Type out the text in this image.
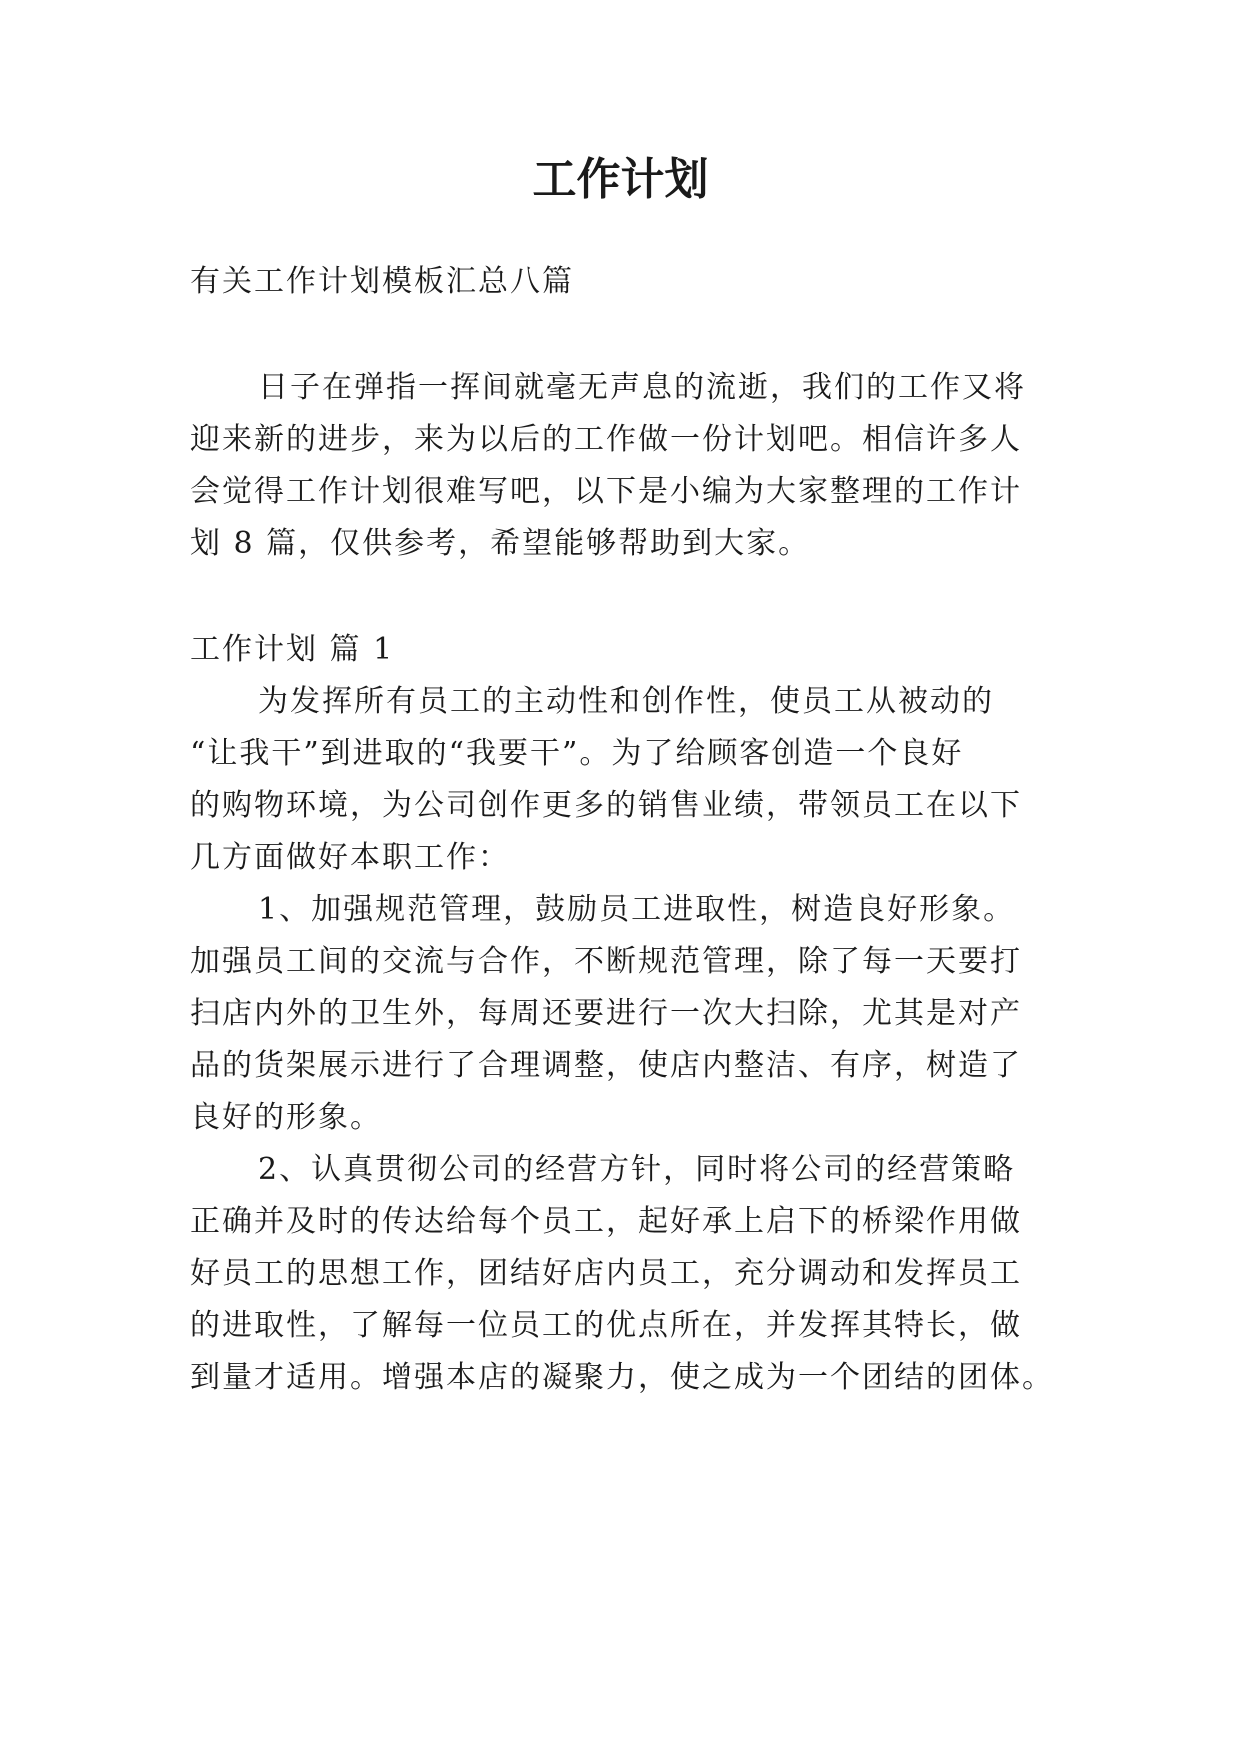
工作计划
有关工作计划模板汇总八篇
日子在弹指一挥间就毫无声息的流逝，我们的工作又将
迎来新的进步，来为以后的工作做一份计划吧。相信许多人
会觉得工作计划很难写吧，以下是小编为大家整理的工作计
划 8 篇，仅供参考，希望能够帮助到大家。
工作计划 篇 1
为发挥所有员工的主动性和创作性，使员工从被动的
“让我干”到进取的“我要干”。为了给顾客创造一个良好
的购物环境，为公司创作更多的销售业绩，带领员工在以下
几方面做好本职工作：
1、加强规范管理，鼓励员工进取性，树造良好形象。
加强员工间的交流与合作，不断规范管理，除了每一天要打
扫店内外的卫生外，每周还要进行一次大扫除，尤其是对产
品的货架展示进行了合理调整，使店内整洁、有序，树造了
良好的形象。
2、认真贯彻公司的经营方针，同时将公司的经营策略
正确并及时的传达给每个员工，起好承上启下的桥梁作用做
好员工的思想工作，团结好店内员工，充分调动和发挥员工
的进取性，了解每一位员工的优点所在，并发挥其特长，做
到量才适用。增强本店的凝聚力，使之成为一个团结的团体。
